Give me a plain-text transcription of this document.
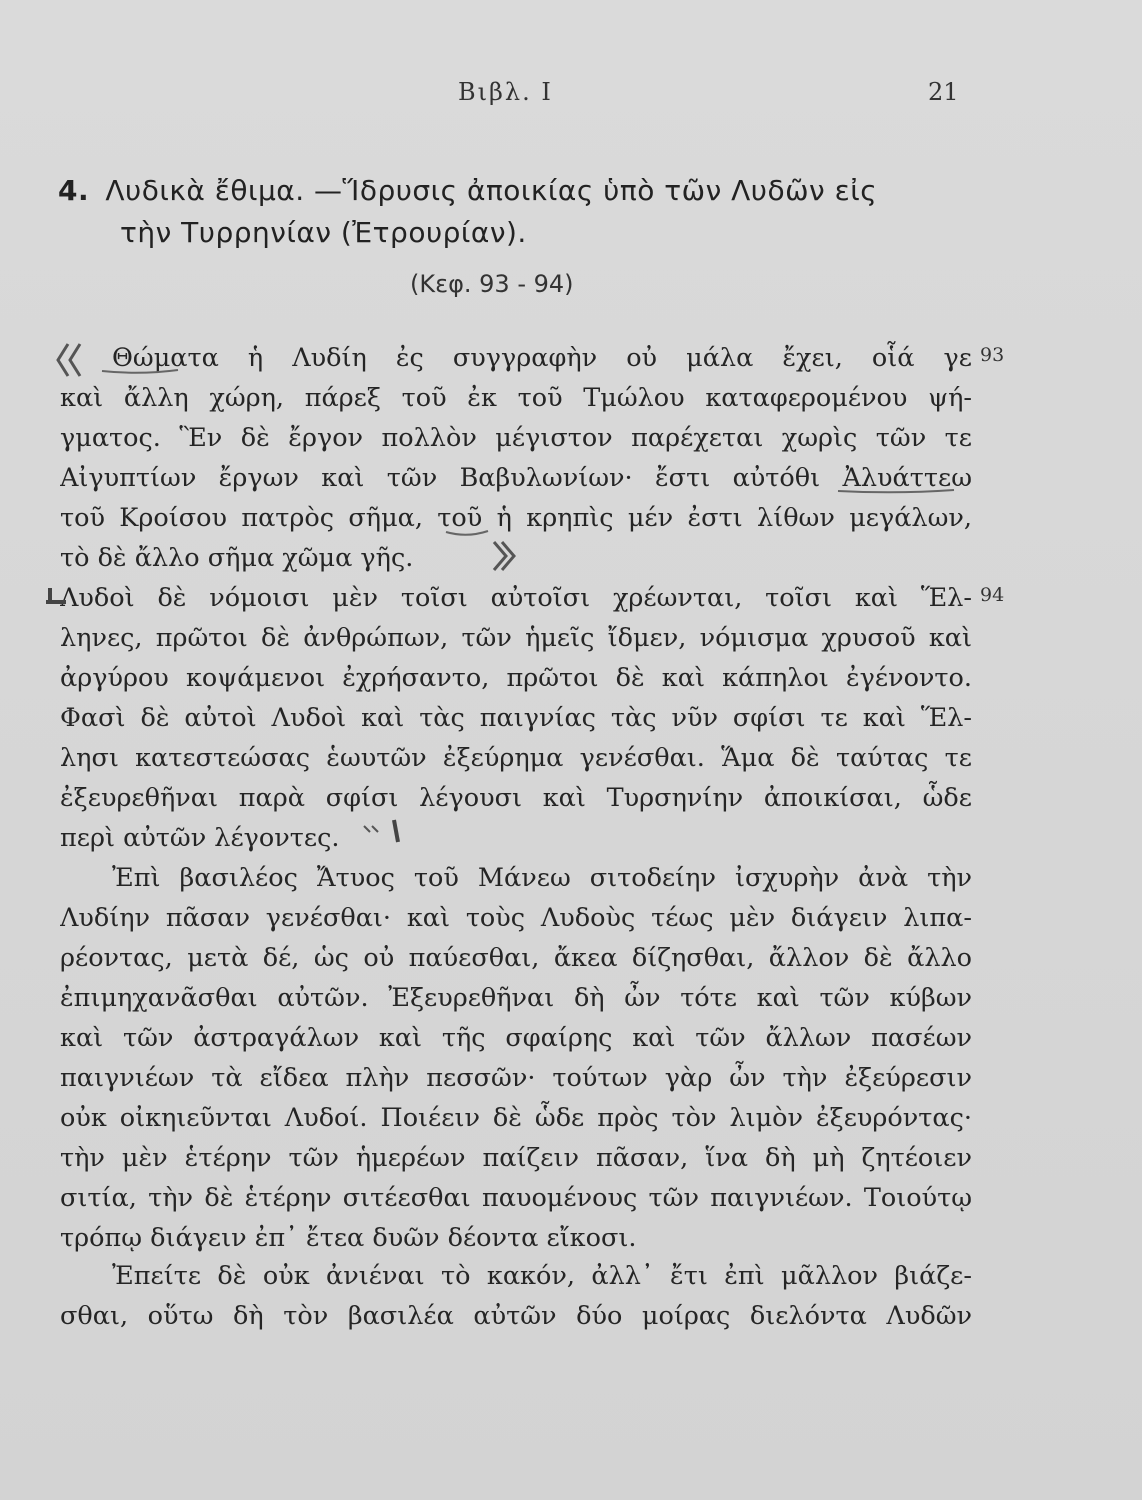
Βιβλ. Ι	21
4. Λυδικὰ ἔθιμα. —Ἵδρυσις ἀποικίας ὑπὸ τῶν Λυδῶν εἰς
τὴν Τυρρηνίαν (Ἐτρουρίαν).
(Κεφ. 93 - 94)
Θώματα ἡ Λυδίη ἐς συγγραφὴν οὐ μάλα ἔχει, οἷά γε
καὶ ἄλλη χώρη, πάρεξ τοῦ ἐκ τοῦ Τμώλου καταφερομένου ψή-
γματος. Ἓν δὲ ἔργον πολλὸν μέγιστον παρέχεται χωρὶς τῶν τε
Αἰγυπτίων ἔργων καὶ τῶν Βαβυλωνίων· ἔστι αὐτόθι Ἀλυάττεω
τοῦ Κροίσου πατρὸς σῆμα, τοῦ ἡ κρηπὶς μέν ἐστι λίθων μεγάλων,
τὸ δὲ ἄλλο σῆμα χῶμα γῆς.
Λυδοὶ δὲ νόμοισι μὲν τοῖσι αὐτοῖσι χρέωνται, τοῖσι καὶ Ἕλ-
ληνες, πρῶτοι δὲ ἀνθρώπων, τῶν ἡμεῖς ἴδμεν, νόμισμα χρυσοῦ καὶ
ἀργύρου κοψάμενοι ἐχρήσαντο, πρῶτοι δὲ καὶ κάπηλοι ἐγένοντο.
Φασὶ δὲ αὐτοὶ Λυδοὶ καὶ τὰς παιγνίας τὰς νῦν σφίσι τε καὶ Ἕλ-
λησι κατεστεώσας ἑωυτῶν ἐξεύρημα γενέσθαι. Ἅμα δὲ ταύτας τε
ἐξευρεθῆναι παρὰ σφίσι λέγουσι καὶ Τυρσηνίην ἀποικίσαι, ὧδε
περὶ αὐτῶν λέγοντες.
Ἐπὶ βασιλέος Ἄτυος τοῦ Μάνεω σιτοδείην ἰσχυρὴν ἀνὰ τὴν
Λυδίην πᾶσαν γενέσθαι· καὶ τοὺς Λυδοὺς τέως μὲν διάγειν λιπα-
ρέοντας, μετὰ δέ, ὡς οὐ παύεσθαι, ἄκεα δίζησθαι, ἄλλον δὲ ἄλλο
ἐπιμηχανᾶσθαι αὐτῶν. Ἐξευρεθῆναι δὴ ὦν τότε καὶ τῶν κύβων
καὶ τῶν ἀστραγάλων καὶ τῆς σφαίρης καὶ τῶν ἄλλων πασέων
παιγνιέων τὰ εἴδεα πλὴν πεσσῶν· τούτων γὰρ ὦν τὴν ἐξεύρεσιν
οὐκ οἰκηιεῦνται Λυδοί. Ποιέειν δὲ ὧδε πρὸς τὸν λιμὸν ἐξευρόντας·
τὴν μὲν ἑτέρην τῶν ἡμερέων παίζειν πᾶσαν, ἵνα δὴ μὴ ζητέοιεν
σιτία, τὴν δὲ ἑτέρην σιτέεσθαι παυομένους τῶν παιγνιέων. Τοιούτῳ
τρόπῳ διάγειν ἐπ᾽ ἔτεα δυῶν δέοντα εἴκοσι.
Ἐπείτε δὲ οὐκ ἀνιέναι τὸ κακόν, ἀλλ᾽ ἔτι ἐπὶ μᾶλλον βιάζε-
σθαι, οὕτω δὴ τὸν βασιλέα αὐτῶν δύο μοίρας διελόντα Λυδῶν
93
94
